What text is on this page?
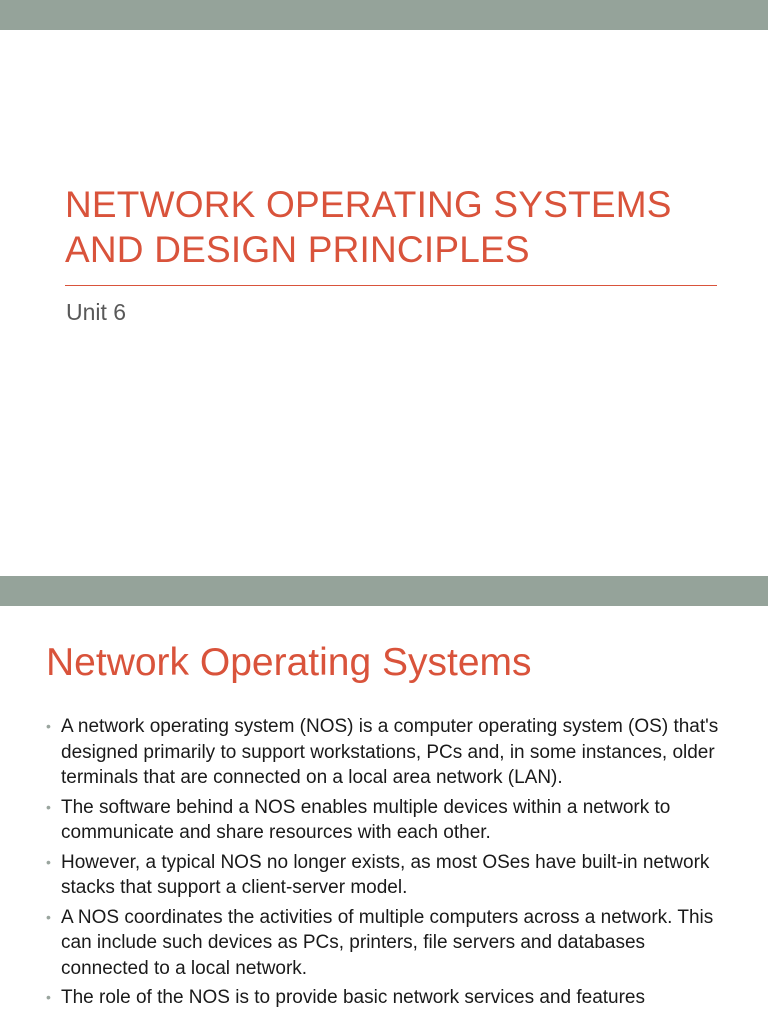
NETWORK OPERATING SYSTEMS
AND DESIGN PRINCIPLES
Unit 6
Network Operating Systems
• A network operating system (NOS) is a computer operating system (OS) that's designed primarily to support workstations, PCs and, in some instances, older terminals that are connected on a local area network (LAN).
• The software behind a NOS enables multiple devices within a network to communicate and share resources with each other.
• However, a typical NOS no longer exists, as most OSes have built-in network stacks that support a client-server model.
• A NOS coordinates the activities of multiple computers across a network. This can include such devices as PCs, printers, file servers and databases connected to a local network.
• The role of the NOS is to provide basic network services and features
